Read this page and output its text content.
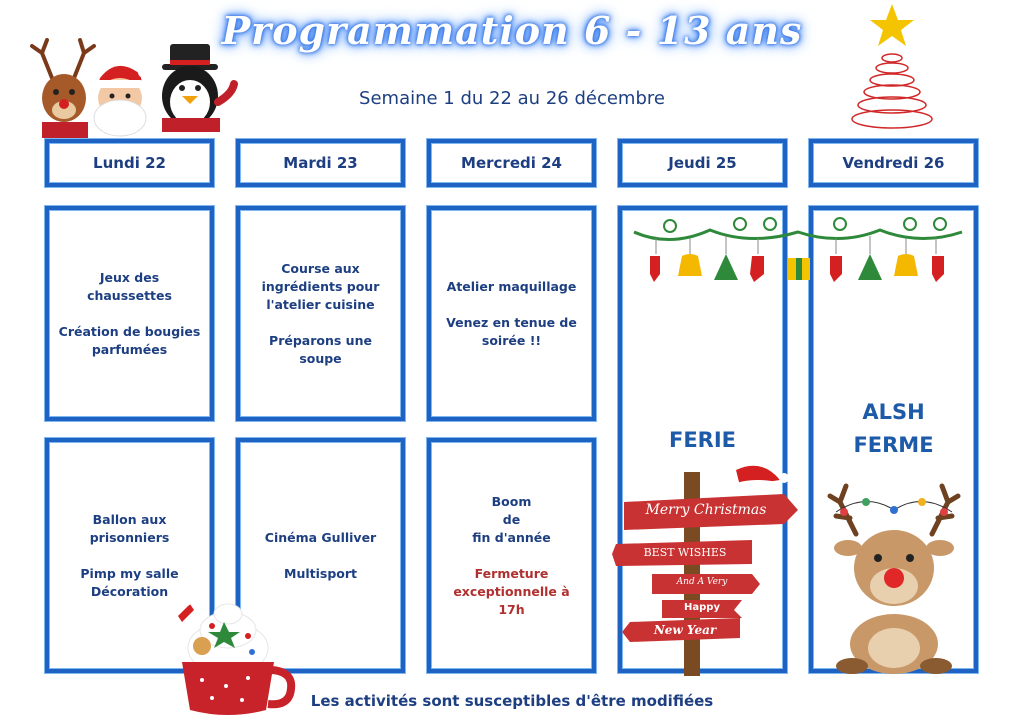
Programmation 6 - 13 ans
Semaine 1 du 22 au 26 décembre
Lundi 22	Mardi 23	Mercredi 24	Jeudi 25	Vendredi 26
Jeux des chaussettes
Création de bougies
parfumées
Ballon aux prisonniers
Pimp my salle
Décoration
Course aux
ingrédients pour
l'atelier cuisine
Préparons une soupe
Cinéma Gulliver
Multisport
Atelier maquillage
Venez en tenue de
soirée !!
Boom
de
fin d'année
Fermeture
exceptionnelle à 17h
FERIE
ALSH
FERME
Merry Christmas
BEST WISHES
And A Very
Happy
New Year
Les activités sont susceptibles d'être modifiées
